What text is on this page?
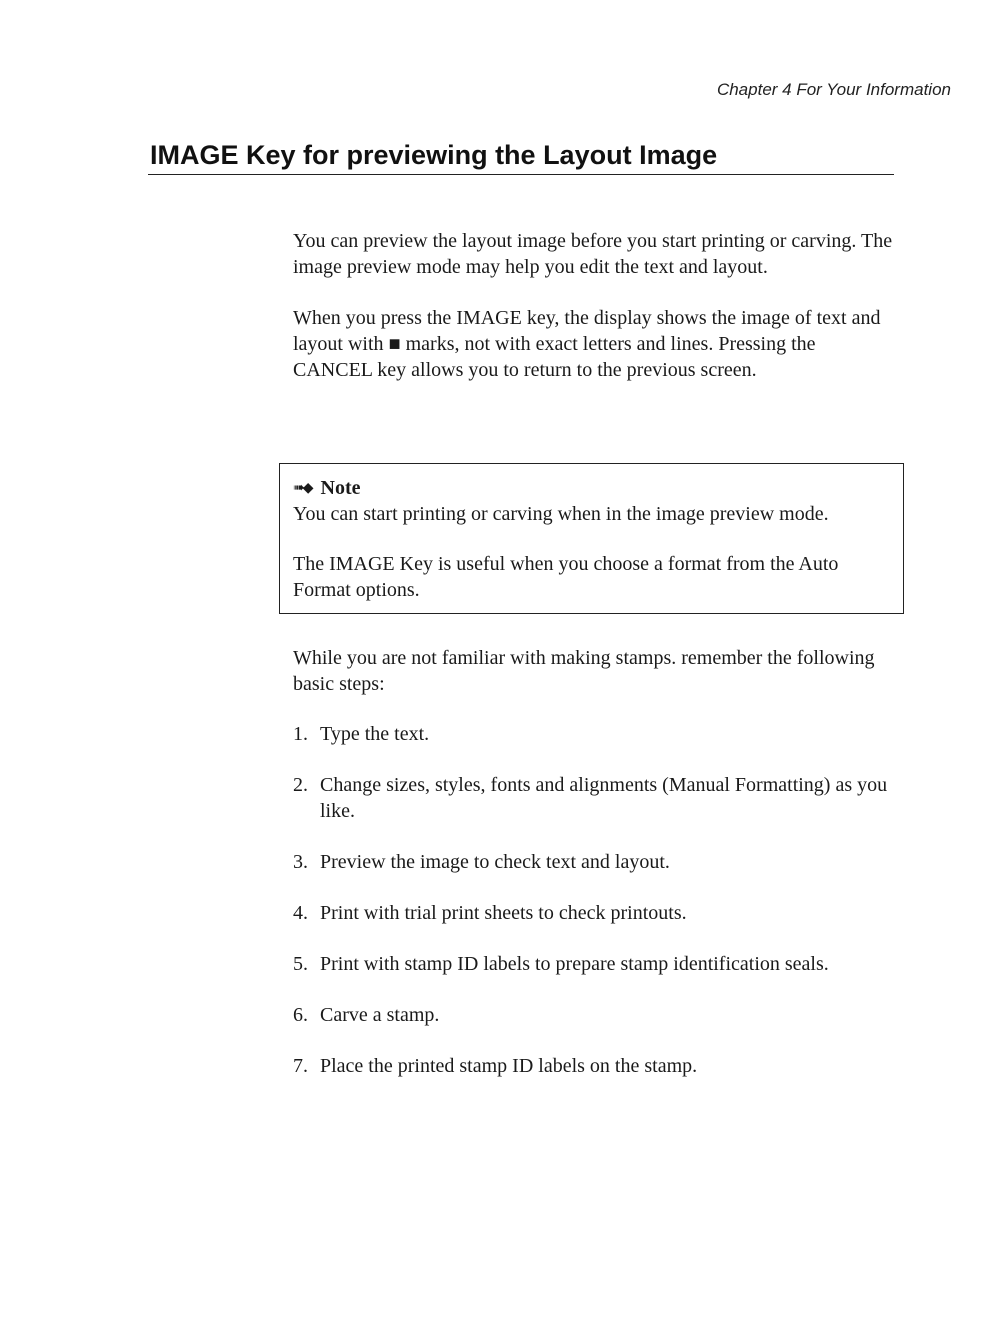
Chapter 4 For Your Information
IMAGE Key for previewing the Layout Image

You can preview the layout image before you start printing or carving. The image preview mode may help you edit the text and layout.

When you press the IMAGE key, the display shows the image of text and layout with ■ marks, not with exact letters and lines. Pressing the CANCEL key allows you to return to the previous screen.

➠◆ Note

You can start printing or carving when in the image preview mode.

The IMAGE Key is useful when you choose a format from the Auto Format options.

While you are not familiar with making stamps. remember the following basic steps:

1. Type the text.
2. Change sizes, styles, fonts and alignments (Manual Formatting) as you like.
3. Preview the image to check text and layout.
4. Print with trial print sheets to check printouts.
5. Print with stamp ID labels to prepare stamp identification seals.
6. Carve a stamp.
7. Place the printed stamp ID labels on the stamp.
